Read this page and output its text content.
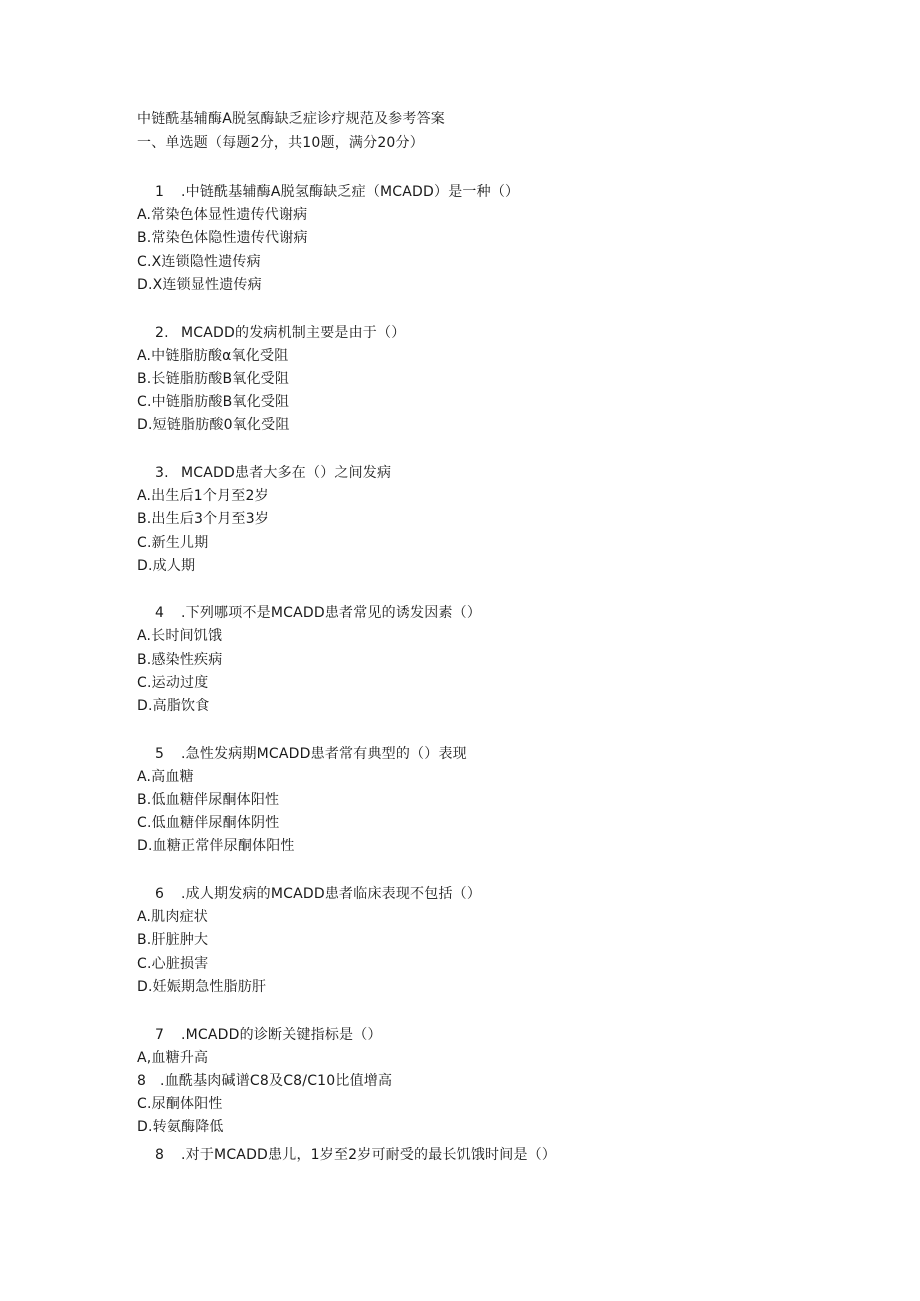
中链酰基辅酶A脱氢酶缺乏症诊疗规范及参考答案
一、单选题（每题2分，共10题，满分20分）
1 .中链酰基辅酶A脱氢酶缺乏症（MCADD）是一种（）
A.常染色体显性遗传代谢病
B.常染色体隐性遗传代谢病
C.X连锁隐性遗传病
D.X连锁显性遗传病
2. MCADD的发病机制主要是由于（）
A.中链脂肪酸α氧化受阻
B.长链脂肪酸B氧化受阻
C.中链脂肪酸B氧化受阻
D.短链脂肪酸0氧化受阻
3. MCADD患者大多在（）之间发病
A.出生后1个月至2岁
B.出生后3个月至3岁
C.新生儿期
D.成人期
4 .下列哪项不是MCADD患者常见的诱发因素（）
A.长时间饥饿
B.感染性疾病
C.运动过度
D.高脂饮食
5 .急性发病期MCADD患者常有典型的（）表现
A.高血糖
B.低血糖伴尿酮体阳性
C.低血糖伴尿酮体阴性
D.血糖正常伴尿酮体阳性
6 .成人期发病的MCADD患者临床表现不包括（）
A.肌肉症状
B.肝脏肿大
C.心脏损害
D.妊娠期急性脂肪肝
7 .MCADD的诊断关键指标是（）
A,血糖升高
8   .血酰基肉碱谱C8及C8/C10比值增高
C.尿酮体阳性
D.转氨酶降低
8 .对于MCADD患儿，1岁至2岁可耐受的最长饥饿时间是（）
